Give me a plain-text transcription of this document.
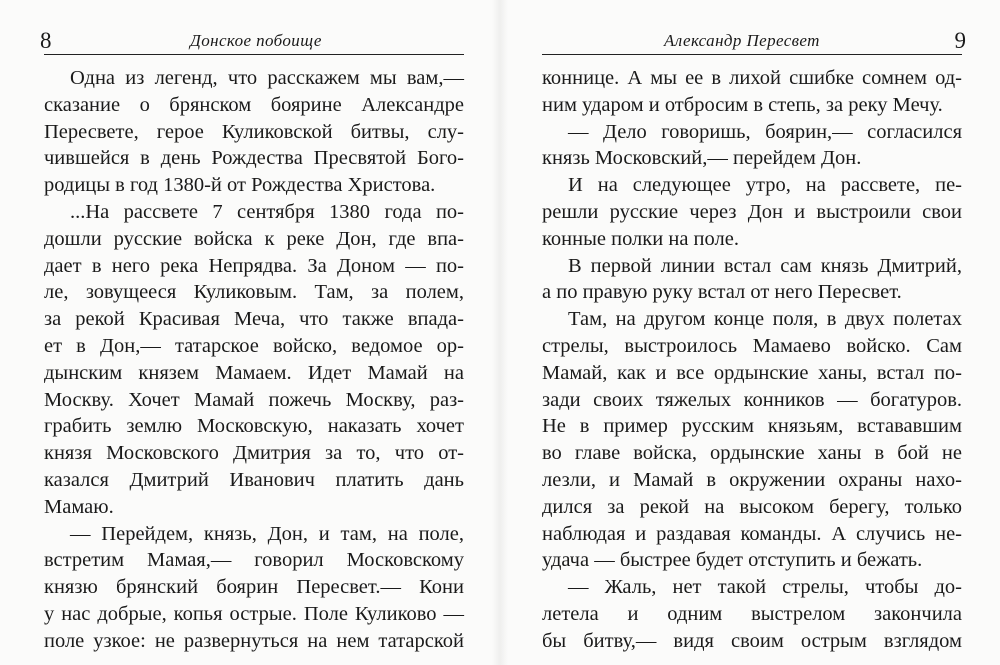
8	Донское побоище
Одна из легенд, что расскажем мы вам,—
сказание о брянском боярине Александре
Пересвете, герое Куликовской битвы, слу-
чившейся в день Рождества Пресвятой Бого-
родицы в год 1380-й от Рождества Христова.
...На рассвете 7 сентября 1380 года по-
дошли русские войска к реке Дон, где впа-
дает в него река Непрядва. За Доном — по-
ле, зовущееся Куликовым. Там, за полем,
за рекой Красивая Меча, что также впада-
ет в Дон,— татарское войско, ведомое ор-
дынским князем Мамаем. Идет Мамай на
Москву. Хочет Мамай пожечь Москву, раз-
грабить землю Московскую, наказать хочет
князя Московского Дмитрия за то, что от-
казался Дмитрий Иванович платить дань
Мамаю.
— Перейдем, князь, Дон, и там, на поле,
встретим Мамая,— говорил Московскому
князю брянский боярин Пересвет.— Кони
у нас добрые, копья острые. Поле Куликово —
поле узкое: не развернуться на нем татарской
9
Александр Пересвет
коннице. А мы ее в лихой сшибке сомнем од-
ним ударом и отбросим в степь, за реку Мечу.
— Дело говоришь, боярин,— согласился
князь Московский,— перейдем Дон.
И на следующее утро, на рассвете, пе-
решли русские через Дон и выстроили свои
конные полки на поле.
В первой линии встал сам князь Дмитрий,
а по правую руку встал от него Пересвет.
Там, на другом конце поля, в двух полетах
стрелы, выстроилось Мамаево войско. Сам
Мамай, как и все ордынские ханы, встал по-
зади своих тяжелых конников — богатуров.
Не в пример русским князьям, встававшим
во главе войска, ордынские ханы в бой не
лезли, и Мамай в окружении охраны нахо-
дился за рекой на высоком берегу, только
наблюдая и раздавая команды. А случись не-
удача — быстрее будет отступить и бежать.
— Жаль, нет такой стрелы, чтобы до-
летела и одним выстрелом закончила
бы битву,— видя своим острым взглядом
